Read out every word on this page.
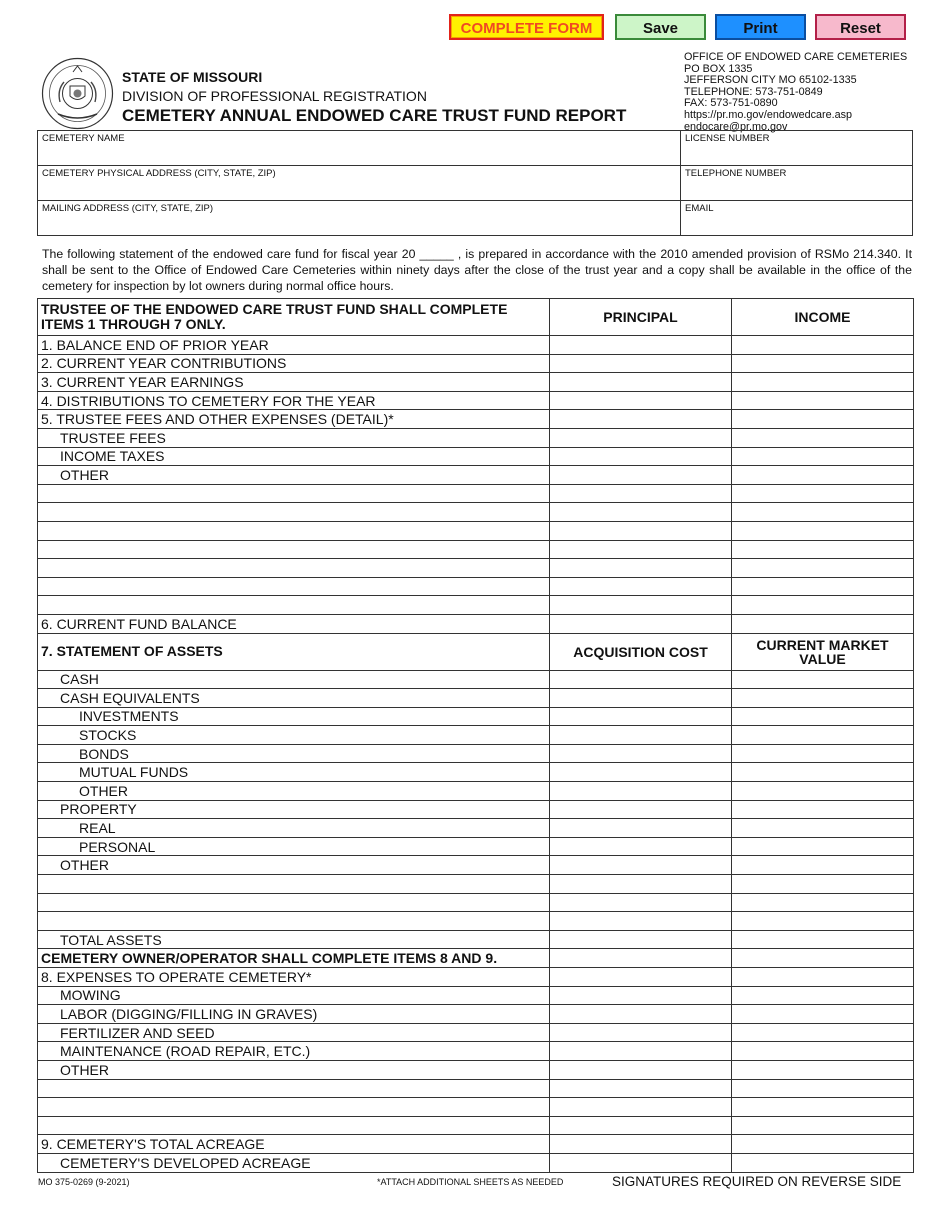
COMPLETE FORM	Save	Print	Reset
STATE OF MISSOURI
DIVISION OF PROFESSIONAL REGISTRATION
CEMETERY ANNUAL ENDOWED CARE TRUST FUND REPORT
OFFICE OF ENDOWED CARE CEMETERIES
PO BOX 1335
JEFFERSON CITY MO 65102-1335
TELEPHONE: 573-751-0849
FAX: 573-751-0890
https://pr.mo.gov/endowedcare.asp
endocare@pr.mo.gov
CEMETERY NAME	LICENSE NUMBER
CEMETERY PHYSICAL ADDRESS (CITY, STATE, ZIP)	TELEPHONE NUMBER
MAILING ADDRESS (CITY, STATE, ZIP)	EMAIL
The following statement of the endowed care fund for fiscal year 20 _____ , is prepared in accordance with the 2010 amended provision of RSMo 214.340. It shall be sent to the Office of Endowed Care Cemeteries within ninety days after the close of the trust year and a copy shall be available in the office of the cemetery for inspection by lot owners during normal office hours.
TRUSTEE OF THE ENDOWED CARE TRUST FUND SHALL COMPLETE ITEMS 1 THROUGH 7 ONLY.	PRINCIPAL	INCOME
1. BALANCE END OF PRIOR YEAR		
2. CURRENT YEAR CONTRIBUTIONS		
3. CURRENT YEAR EARNINGS		
4. DISTRIBUTIONS TO CEMETERY FOR THE YEAR		
5. TRUSTEE FEES AND OTHER EXPENSES (DETAIL)*		
TRUSTEE FEES		
INCOME TAXES		
OTHER		

6. CURRENT FUND BALANCE		
7. STATEMENT OF ASSETS	ACQUISITION COST	CURRENT MARKET VALUE
CASH		
CASH EQUIVALENTS		
INVESTMENTS		
STOCKS		
BONDS		
MUTUAL FUNDS		
OTHER		
PROPERTY		
REAL		
PERSONAL		
OTHER		

TOTAL ASSETS		
CEMETERY OWNER/OPERATOR SHALL COMPLETE ITEMS 8 AND 9.		
8. EXPENSES TO OPERATE CEMETERY*		
MOWING		
LABOR (DIGGING/FILLING IN GRAVES)		
FERTILIZER AND SEED		
MAINTENANCE (ROAD REPAIR, ETC.)		
OTHER		

9. CEMETERY'S TOTAL ACREAGE		
CEMETERY'S DEVELOPED ACREAGE		
MO 375-0269 (9-2021)	*ATTACH ADDITIONAL SHEETS AS NEEDED	SIGNATURES REQUIRED ON REVERSE SIDE
